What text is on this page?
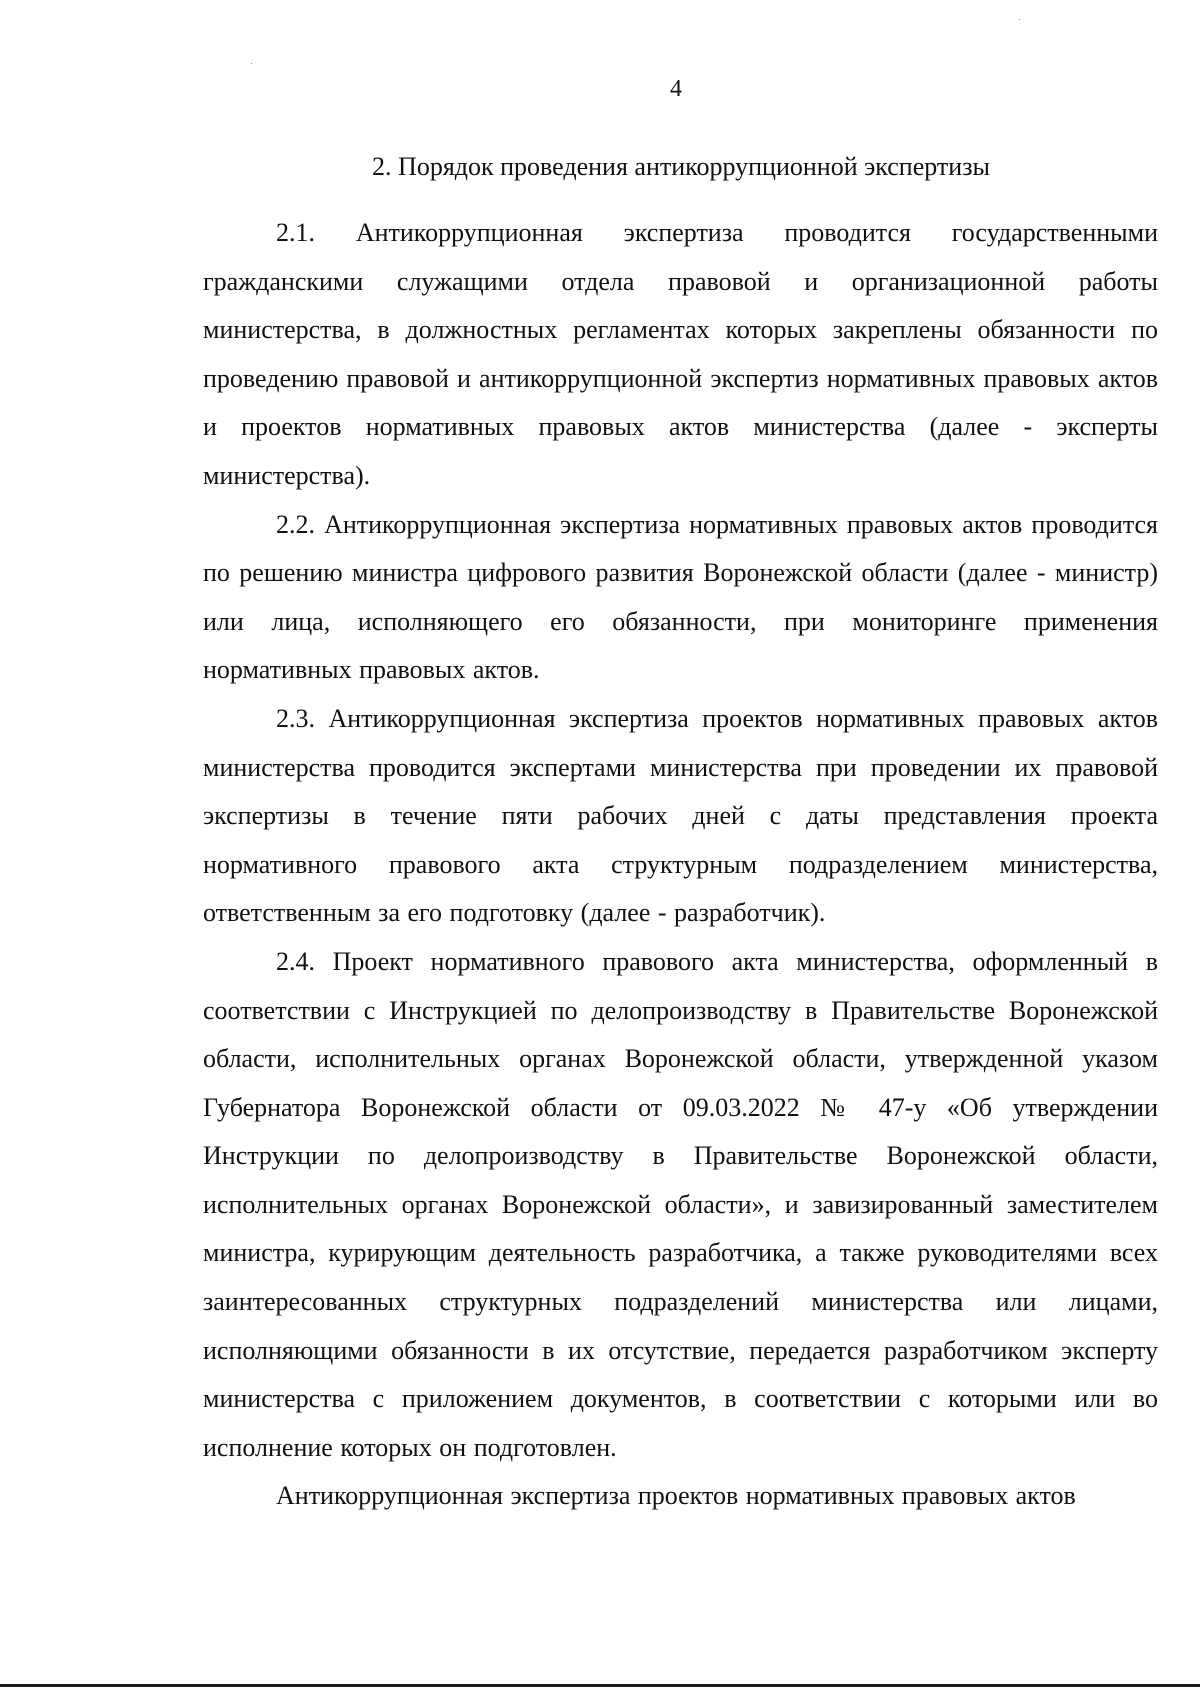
4
2. Порядок проведения антикоррупционной экспертизы

2.1. Антикоррупционная экспертиза проводится государственными гражданскими служащими отдела правовой и организационной работы министерства, в должностных регламентах которых закреплены обязанности по проведению правовой и антикоррупционной экспертиз нормативных правовых актов и проектов нормативных правовых актов министерства (далее - эксперты министерства).

2.2. Антикоррупционная экспертиза нормативных правовых актов проводится по решению министра цифрового развития Воронежской области (далее - министр) или лица, исполняющего его обязанности, при мониторинге применения нормативных правовых актов.

2.3. Антикоррупционная экспертиза проектов нормативных правовых актов министерства проводится экспертами министерства при проведении их правовой экспертизы в течение пяти рабочих дней с даты представления проекта нормативного правового акта структурным подразделением министерства, ответственным за его подготовку (далее - разработчик).

2.4. Проект нормативного правового акта министерства, оформленный в соответствии с Инструкцией по делопроизводству в Правительстве Воронежской области, исполнительных органах Воронежской области, утвержденной указом Губернатора Воронежской области от 09.03.2022 № 47-у «Об утверждении Инструкции по делопроизводству в Правительстве Воронежской области, исполнительных органах Воронежской области», и завизированный заместителем министра, курирующим деятельность разработчика, а также руководителями всех заинтересованных структурных подразделений министерства или лицами, исполняющими обязанности в их отсутствие, передается разработчиком эксперту министерства с приложением документов, в соответствии с которыми или во исполнение которых он подготовлен.

Антикоррупционная экспертиза проектов нормативных правовых актов
